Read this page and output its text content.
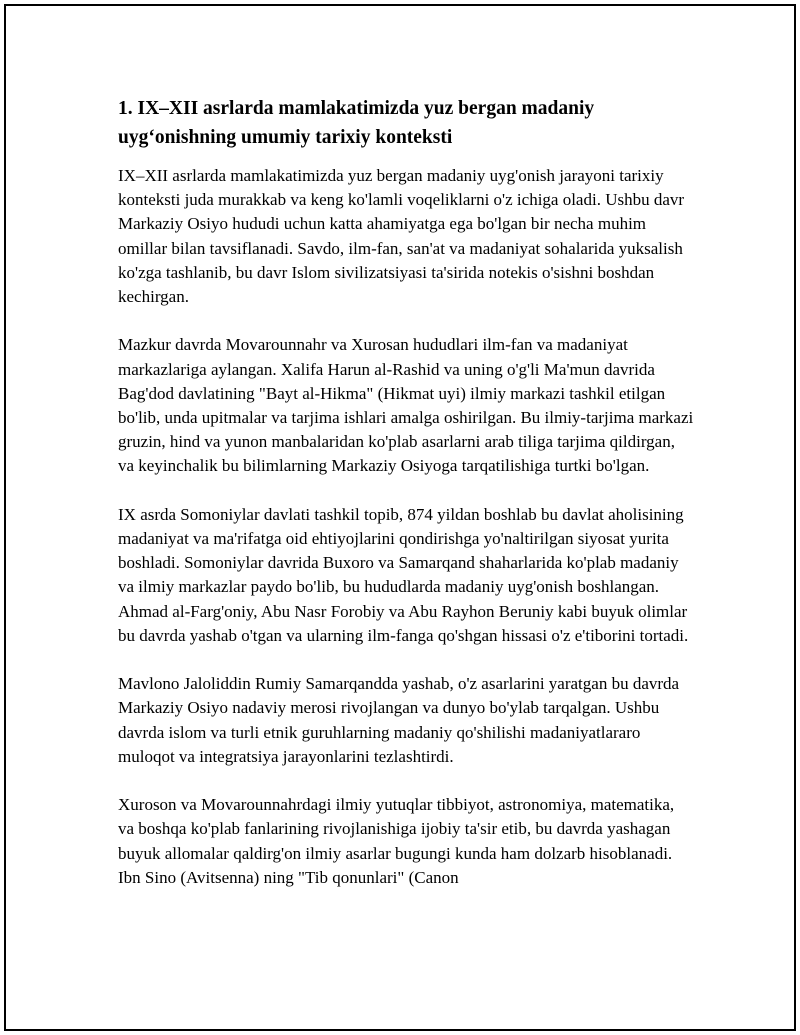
1. IX–XII asrlarda mamlakatimizda yuz bergan madaniy uygʻonishning umumiy tarixiy konteksti

IX–XII asrlarda mamlakatimizda yuz bergan madaniy uyg'onish jarayoni tarixiy konteksti juda murakkab va keng ko'lamli voqeliklarni o'z ichiga oladi. Ushbu davr Markaziy Osiyo hududi uchun katta ahamiyatga ega bo'lgan bir necha muhim omillar bilan tavsiflanadi. Savdo, ilm-fan, san'at va madaniyat sohalarida yuksalish ko'zga tashlanib, bu davr Islom sivilizatsiyasi ta'sirida notekis o'sishni boshdan kechirgan.

Mazkur davrda Movarounnahr va Xurosan hududlari ilm-fan va madaniyat markazlariga aylangan. Xalifa Harun al-Rashid va uning o'g'li Ma'mun davrida Bag'dod davlatining "Bayt al-Hikma" (Hikmat uyi) ilmiy markazi tashkil etilgan bo'lib, unda upitmalar va tarjima ishlari amalga oshirilgan. Bu ilmiy-tarjima markazi gruzin, hind va yunon manbalaridan ko'plab asarlarni arab tiliga tarjima qildirgan, va keyinchalik bu bilimlarning Markaziy Osiyoga tarqatilishiga turtki bo'lgan.

IX asrda Somoniylar davlati tashkil topib, 874 yildan boshlab bu davlat aholisining madaniyat va ma'rifatga oid ehtiyojlarini qondirishga yo'naltirilgan siyosat yurita boshladi. Somoniylar davrida Buxoro va Samarqand shaharlarida ko'plab madaniy va ilmiy markazlar paydo bo'lib, bu hududlarda madaniy uyg'onish boshlangan. Ahmad al-Farg'oniy, Abu Nasr Forobiy va Abu Rayhon Beruniy kabi buyuk olimlar bu davrda yashab o'tgan va ularning ilm-fanga qo'shgan hissasi o'z e'tiborini tortadi.

Mavlono Jaloliddin Rumiy Samarqandda yashab, o'z asarlarini yaratgan bu davrda Markaziy Osiyo nadaviy merosi rivojlangan va dunyo bo'ylab tarqalgan. Ushbu davrda islom va turli etnik guruhlarning madaniy qo'shilishi madaniyatlararo muloqot va integratsiya jarayonlarini tezlashtirdi.

Xuroson va Movarounnahrdagi ilmiy yutuqlar tibbiyot, astronomiya, matematika, va boshqa ko'plab fanlarining rivojlanishiga ijobiy ta'sir etib, bu davrda yashagan buyuk allomalar qaldirg'on ilmiy asarlar bugungi kunda ham dolzarb hisoblanadi. Ibn Sino (Avitsenna) ning "Tib qonunlari" (Canon
